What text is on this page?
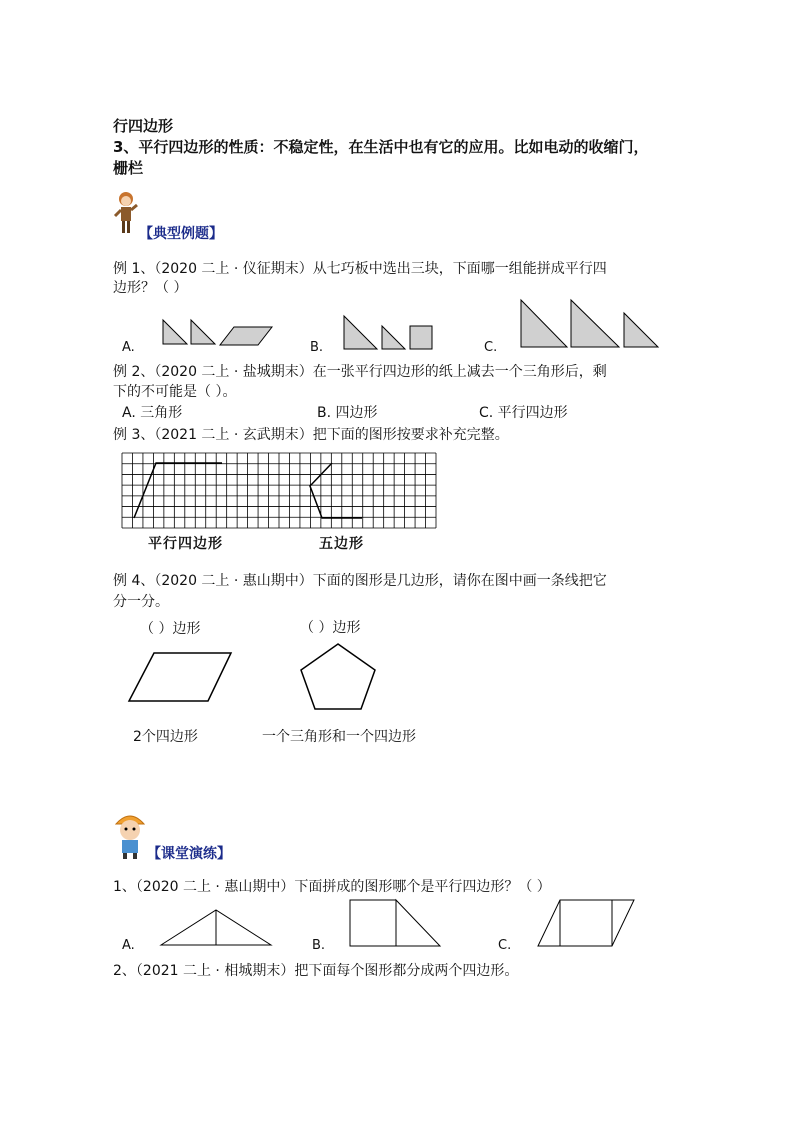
行四边形
3、平行四边形的性质：不稳定性，在生活中也有它的应用。比如电动的收缩门，
栅栏
【典型例题】
例 1、（2020 二上 · 仪征期末）从七巧板中选出三块，下面哪一组能拼成平行四
边形？（ ）
A.	B.	C.
例 2、（2020 二上 · 盐城期末）在一张平行四边形的纸上减去一个三角形后，剩
下的不可能是（ ）。
A. 三角形	B. 四边形	C. 平行四边形
例 3、（2021 二上 · 玄武期末）把下面的图形按要求补充完整。
平行四边形	五边形
例 4、（2020 二上 · 惠山期中）下面的图形是几边形，请你在图中画一条线把它
分一分。
（ ）边形	（ ）边形
2个四边形	一个三角形和一个四边形
【课堂演练】
1、（2020 二上 · 惠山期中）下面拼成的图形哪个是平行四边形？（ ）
A.	B.	C.
2、（2021 二上 · 相城期末）把下面每个图形都分成两个四边形。
